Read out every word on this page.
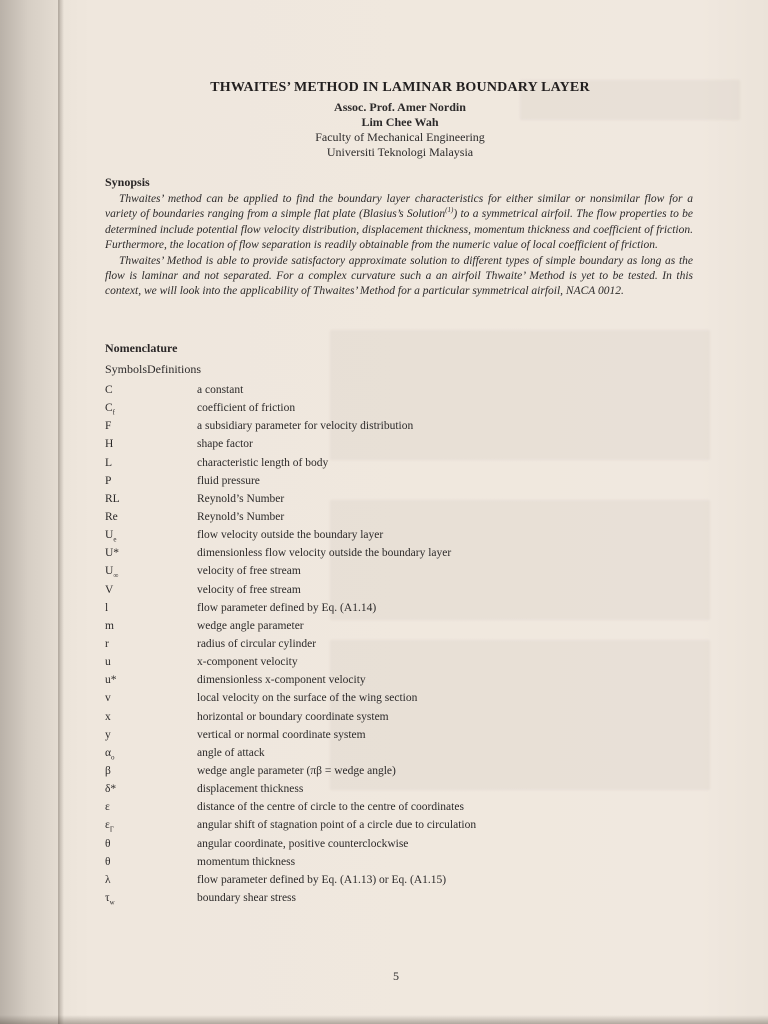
THWAITES’ METHOD IN LAMINAR BOUNDARY LAYER
Assoc. Prof. Amer Nordin
Lim Chee Wah
Faculty of Mechanical Engineering
Universiti Teknologi Malaysia
Synopsis

Thwaites’ method can be applied to find the boundary layer characteristics for either similar or nonsimilar flow for a variety of boundaries ranging from a simple flat plate (Blasius’s Solution$^{(1)}$) to a symmetrical airfoil. The flow properties to be determined include potential flow velocity distribution, displacement thickness, momentum thickness and coefficient of friction. Furthermore, the location of flow separation is readily obtainable from the numeric value of local coefficient of friction.

Thwaites’ Method is able to provide satisfactory approximate solution to different types of simple boundary as long as the flow is laminar and not separated. For a complex curvature such a an airfoil Thwaite’ Method is yet to be tested. In this context, we will look into the applicability of Thwaites’ Method for a particular symmetrical airfoil, NACA 0012.

Nomenclature
SymbolsDefinitions
C	a constant
$C_f$	coefficient of friction
F	a subsidiary parameter for velocity distribution
H	shape factor
L	characteristic length of body
P	fluid pressure
RL	Reynold’s Number
Re	Reynold’s Number
$U_e$	flow velocity outside the boundary layer
U*	dimensionless flow velocity outside the boundary layer
$U_\infty$	velocity of free stream
V	velocity of free stream
l	flow parameter defined by Eq. (A1.14)
m	wedge angle parameter
r	radius of circular cylinder
u	x-component velocity
u*	dimensionless x-component velocity
v	local velocity on the surface of the wing section
x	horizontal or boundary coordinate system
y	vertical or normal coordinate system
$\alpha_o$	angle of attack
β	wedge angle parameter (πβ = wedge angle)
δ*	displacement thickness
ε	distance of the centre of circle to the centre of coordinates
$\varepsilon_\Gamma$	angular shift of stagnation point of a circle due to circulation
θ	angular coordinate, positive counterclockwise
θ	momentum thickness
λ	flow parameter defined by Eq. (A1.13) or Eq. (A1.15)
$\tau_w$	boundary shear stress
5
